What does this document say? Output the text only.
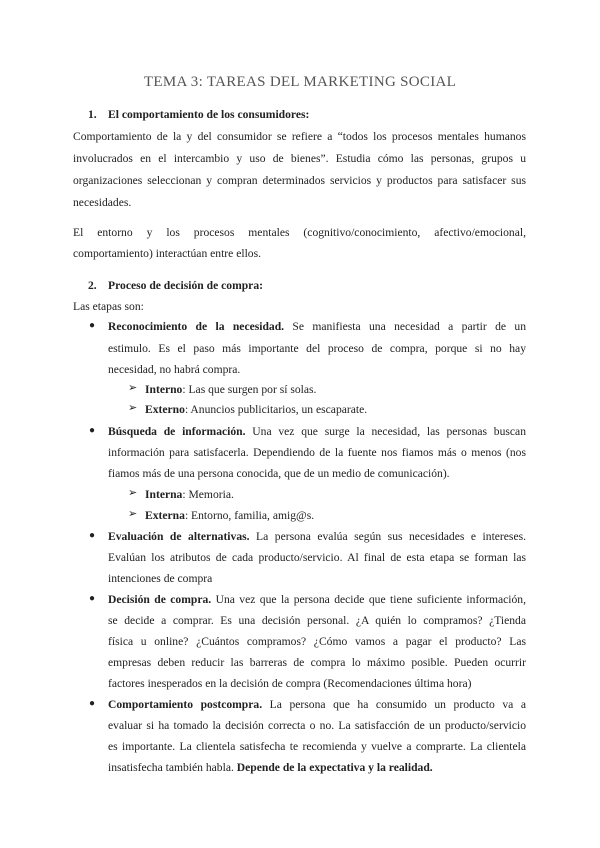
TEMA 3: TAREAS DEL MARKETING SOCIAL
1. El comportamiento de los consumidores:
Comportamiento de la y del consumidor se refiere a “todos los procesos mentales humanos
involucrados en el intercambio y uso de bienes”. Estudia cómo las personas, grupos u
organizaciones seleccionan y compran determinados servicios y productos para satisfacer sus
necesidades.
El entorno y los procesos mentales (cognitivo/conocimiento, afectivo/emocional,
comportamiento) interactúan entre ellos.
2. Proceso de decisión de compra:
Las etapas son:
● Reconocimiento de la necesidad. Se manifiesta una necesidad a partir de un
estimulo. Es el paso más importante del proceso de compra, porque si no hay
necesidad, no habrá compra.
➢ Interno: Las que surgen por sí solas.
➢ Externo: Anuncios publicitarios, un escaparate.
● Búsqueda de información. Una vez que surge la necesidad, las personas buscan
información para satisfacerla. Dependiendo de la fuente nos fiamos más o menos (nos
fiamos más de una persona conocida, que de un medio de comunicación).
➢ Interna: Memoria.
➢ Externa: Entorno, familia, amig@s.
● Evaluación de alternativas. La persona evalúa según sus necesidades e intereses.
Evalúan los atributos de cada producto/servicio. Al final de esta etapa se forman las
intenciones de compra
● Decisión de compra. Una vez que la persona decide que tiene suficiente información,
se decide a comprar. Es una decisión personal. ¿A quién lo compramos? ¿Tienda
física u online? ¿Cuántos compramos? ¿Cómo vamos a pagar el producto? Las
empresas deben reducir las barreras de compra lo máximo posible. Pueden ocurrir
factores inesperados en la decisión de compra (Recomendaciones última hora)
● Comportamiento postcompra. La persona que ha consumido un producto va a
evaluar si ha tomado la decisión correcta o no. La satisfacción de un producto/servicio
es importante. La clientela satisfecha te recomienda y vuelve a comprarte. La clientela
insatisfecha también habla. Depende de la expectativa y la realidad.
